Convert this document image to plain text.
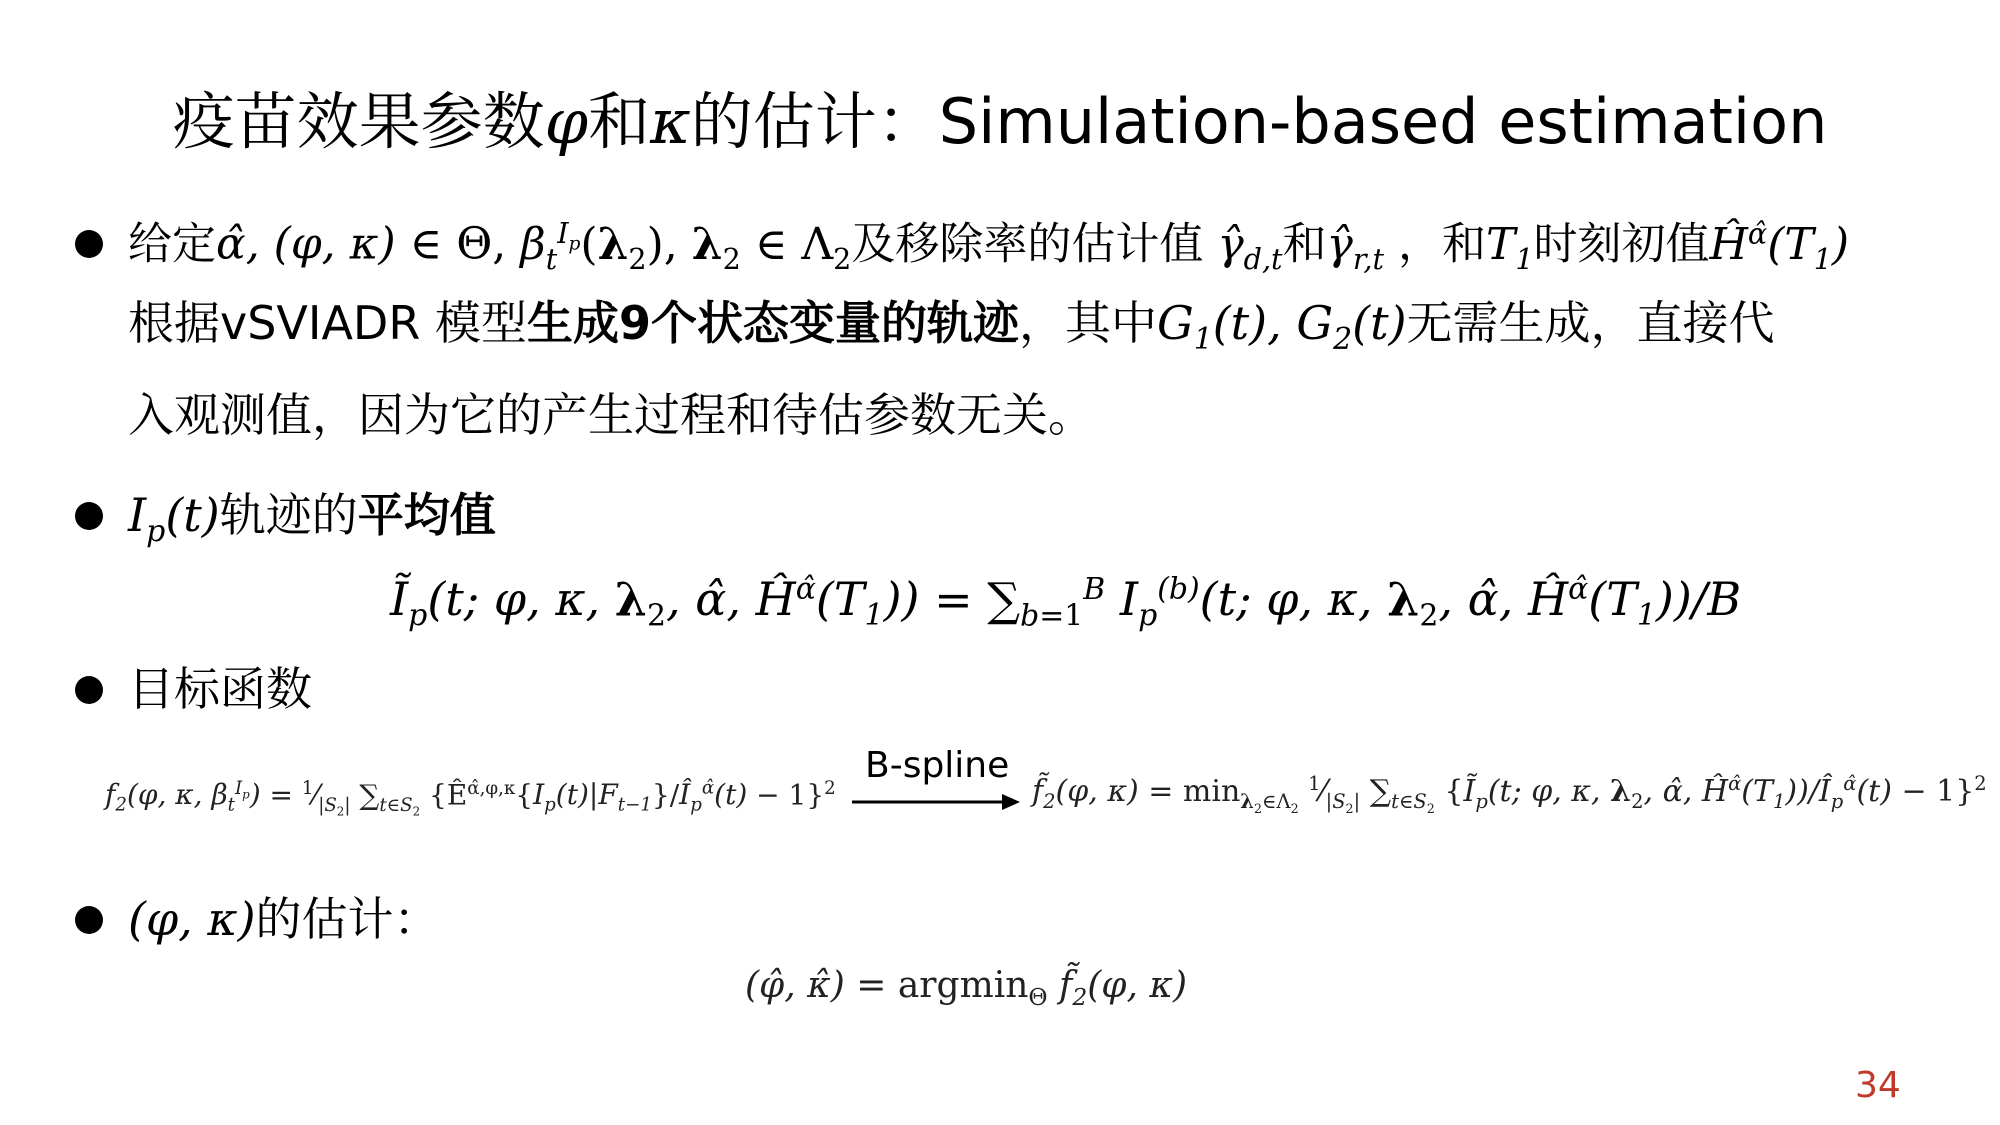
疫苗效果参数φ和κ的估计：Simulation-based estimation
给定α̂, (φ, κ) ∈ Θ, $\beta_t^{I_p}(\lambda_2)$, $\lambda_2$ ∈ $\Lambda_2$及移除率的估计值 $\gammâ_{d,t}$和$\gammâ_{r,t}$ ，和$T_1$时刻初值$Ĥ^{\alphâ}(T_1)$
根据vSVIADR 模型生成9个状态变量的轨迹，其中$G_1(t)$, $G_2(t)$无需生成，直接代
入观测值，因为它的产生过程和待估参数无关。
$I_p(t)$轨迹的平均值
$Ĩ_p(t$; φ, κ, $\lambda_2$, α̂, $Ĥ^{\alphâ}(T_1)) = \sum_{b=1}^B$ $I_p^{(b)}(t$; φ, κ, $\lambda_2$, α̂, $Ĥ^{\alphâ}(T_1))/B$
目标函数
$f_2(\varphi$, κ, $\beta_t^{I_p}$) = $^1⁄_{|S_2|}$ $\sum_{t\in S_2}$ $\{Ê^{\alphâ,\varphi,\kappa}\{I_p(t)|F_{t-1}\}/Î_p^{\alphâ}(t) - 1\}^2$
B-spline
$f̃_2(\varphi$, $\kappa) = \min_{\lambda_2\in\Lambda_2}$ $^1⁄_{|S_2|}$ $\sum_{t\in S_2}$ {$Ĩ_p(t$; φ, κ, $\lambda_2$, α̂, $Ĥ^{\alphâ}(T_1))/Î_p^{\alphâ}(t) - 1\}^2$
(φ, κ)的估计：
(φ̂, κ̂) = argmin$_\Theta$ $f̃_2(\varphi$, κ)
34
